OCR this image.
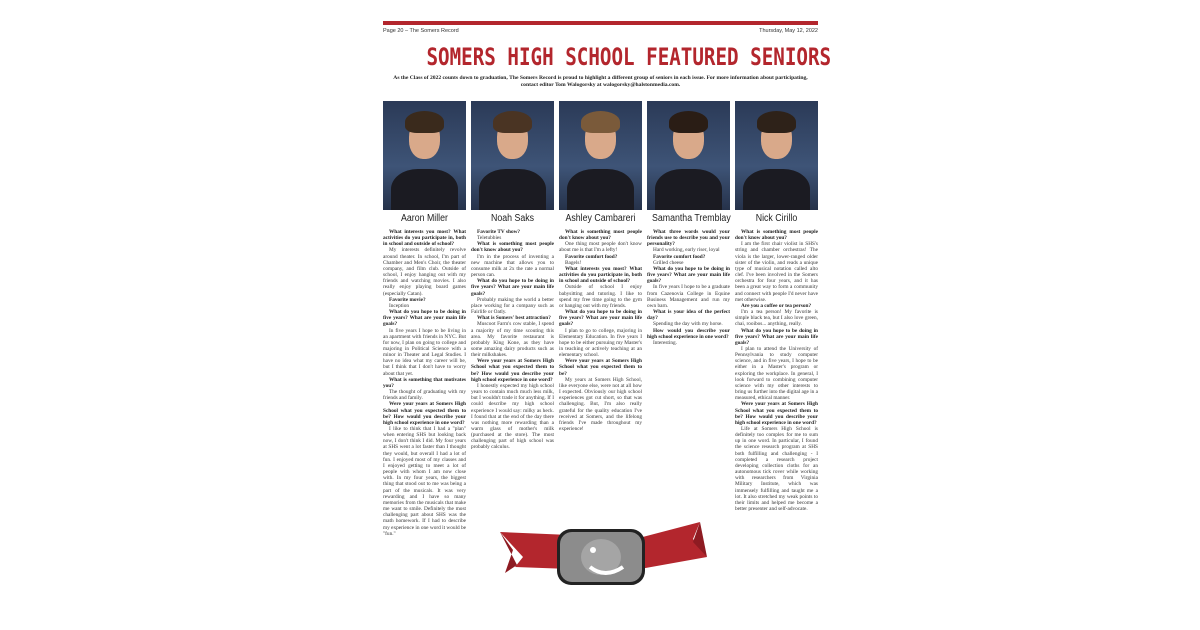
Page 20 – The Somers Record	Thursday, May 12, 2022
SOMERS HIGH SCHOOL FEATURED SENIORS
As the Class of 2022 counts down to graduation, The Somers Record is proud to highlight a different group of seniors in each issue. For more information about participating, contact editor Tom Walogorsky at walogorsky@halstonmedia.com.
Aaron Miller

What interests you most? What activities do you participate in, both in school and outside of school?

My interests definitely revolve around theater. In school, I'm part of Chamber and Men's Choir, the theater company, and film club. Outside of school, I enjoy hanging out with my friends and watching movies. I also really enjoy playing board games (especially Catan).

Favorite movie?

Inception

What do you hope to be doing in five years? What are your main life goals?

In five years I hope to be living in an apartment with friends in NYC. But for now, I plan on going to college and majoring in Political Science with a minor in Theater and Legal Studies. I have no idea what my career will be, but I think that I don't have to worry about that yet.

What is something that motivates you?

The thought of graduating with my friends and family.

Were your years at Somers High School what you expected them to be? How would you describe your high school experience in one word?

I like to think that I had a "plan" when entering SHS but looking back now, I don't think I did. My four years at SHS went a lot faster than I thought they would, but overall I had a lot of fun. I enjoyed most of my classes and I enjoyed getting to meet a lot of people with whom I am now close with. In my four years, the biggest thing that stood out to me was being a part of the musicals. It was very rewarding and I have so many memories from the musicals that make me want to smile. Definitely the most challenging part about SHS was the math homework. If I had to describe my experience in one word it would be "fun."

Noah Saks

Favorite TV show?

Teletubbies

What is something most people don't know about you?

I'm in the process of inventing a new machine that allows you to consume milk at 2x the rate a normal person can.

What do you hope to be doing in five years? What are your main life goals?

Probably making the world a better place working for a company such as Fairlife or Oatly.

What is Somers' best attraction?

Muscoot Farm's cow stable, I spend a majority of my time scouting this area. My favorite restaurant is probably King Kone, as they have some amazing dairy products such as their milkshakes.

Were your years at Somers High School what you expected them to be? How would you describe your high school experience in one word?

I honestly expected my high school years to contain much much less milk, but I wouldn't trade it for anything. If I could describe my high school experience I would say: milky as heck. I found that at the end of the day there was nothing more rewarding than a warm glass of mother's milk (purchased at the store). The most challenging part of high school was probably calculus.

Ashley Cambareri

What is something most people don't know about you?

One thing most people don't know about me is that I'm a lefty!

Favorite comfort food?

Bagels!

What interests you most? What activities do you participate in, both in school and outside of school?

Outside of school I enjoy babysitting and tutoring. I like to spend my free time going to the gym or hanging out with my friends.

What do you hope to be doing in five years? What are your main life goals?

I plan to go to college, majoring in Elementary Education. In five years I hope to be either pursuing my Master's in teaching or actively teaching at an elementary school.

Were your years at Somers High School what you expected them to be?

My years at Somers High School, like everyone else, were not at all how I expected. Obviously our high school experiences got cut short, so that was challenging. But, I'm also really grateful for the quality education I've received at Somers, and the lifelong friends I've made throughout my experience!

Samantha Tremblay

What three words would your friends use to describe you and your personality?

Hard working, early riser, loyal

Favorite comfort food?

Grilled cheese

What do you hope to be doing in five years? What are your main life goals?

In five years I hope to be a graduate from Cazenovia College in Equine Business Management and run my own barn.

What is your idea of the perfect day?

Spending the day with my horse.

How would you describe your high school experience in one word?

Interesting.

Nick Cirillo

What is something most people don't know about you?

I am the first chair violist in SHS's string and chamber orchestras! The viola is the larger, lower-ranged older sister of the violin, and reads a unique type of musical notation called alto clef. I've been involved in the Somers orchestra for four years, and it has been a great way to form a community and connect with people I'd never have met otherwise.

Are you a coffee or tea person?

I'm a tea person! My favorite is simple black tea, but I also love green, chai, rooibos... anything, really.

What do you hope to be doing in five years? What are your main life goals?

I plan to attend the University of Pennsylvania to study computer science, and in five years, I hope to be either in a Master's program or exploring the workplace. In general, I look forward to combining computer science with my other interests to bring us further into the digital age in a measured, ethical manner.

Were your years at Somers High School what you expected them to be? How would you describe your high school experience in one word?

Life at Somers High School is definitely too complex for me to sum up in one word. In particular, I found the science research program at SHS both fulfilling and challenging - I completed a research project developing collection cloths for an autonomous tick rover while working with researchers from Virginia Military Institute, which was immensely fulfilling and taught me a lot. It also stretched my weak points to their limits and helped me become a better presenter and self-advocate.
